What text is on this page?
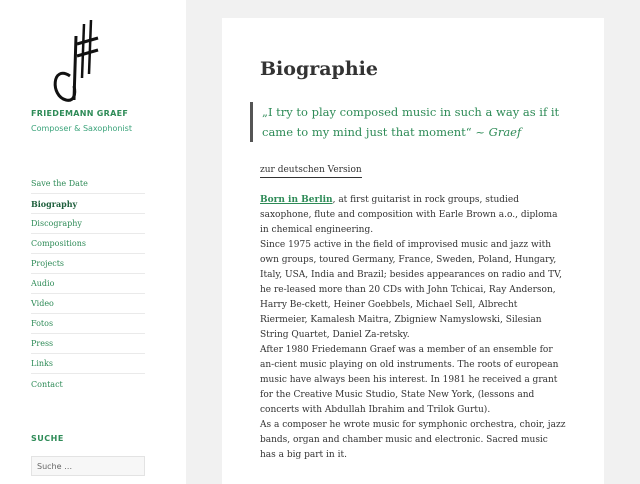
FRIEDEMANN GRAEF
Composer & Saxophonist
Save the Date
Biography
Discography
Compositions
Projects
Audio
Video
Fotos
Press
Links
Contact
SUCHE
Suche …
Biographie
„I try to play composed music in such a way as if it came to my mind just that moment“ ~ Graef
zur deutschen Version

Born in Berlin, at first guitarist in rock groups, studied saxophone, flute and composition with Earle Brown a.o., diploma in chemical engineering.

Since 1975 active in the field of improvised music and jazz with own groups, toured Germany, France, Sweden, Poland, Hungary, Italy, USA, India and Brazil; besides appearances on radio and TV, he re-leased more than 20 CDs with John Tchicai, Ray Anderson, Harry Be-ckett, Heiner Goebbels, Michael Sell, Albrecht Riermeier, Kamalesh Maitra, Zbigniew Namyslowski, Silesian String Quartet, Daniel Za-retsky.

After 1980 Friedemann Graef was a member of an ensemble for an-cient music playing on old instruments. The roots of european music have always been his interest. In 1981 he received a grant for the Creative Music Studio, State New York, (lessons and concerts with Abdullah Ibrahim and Trilok Gurtu).

As a composer he wrote music for symphonic orchestra, choir, jazz bands, organ and chamber music and electronic. Sacred music has a big part in it.
